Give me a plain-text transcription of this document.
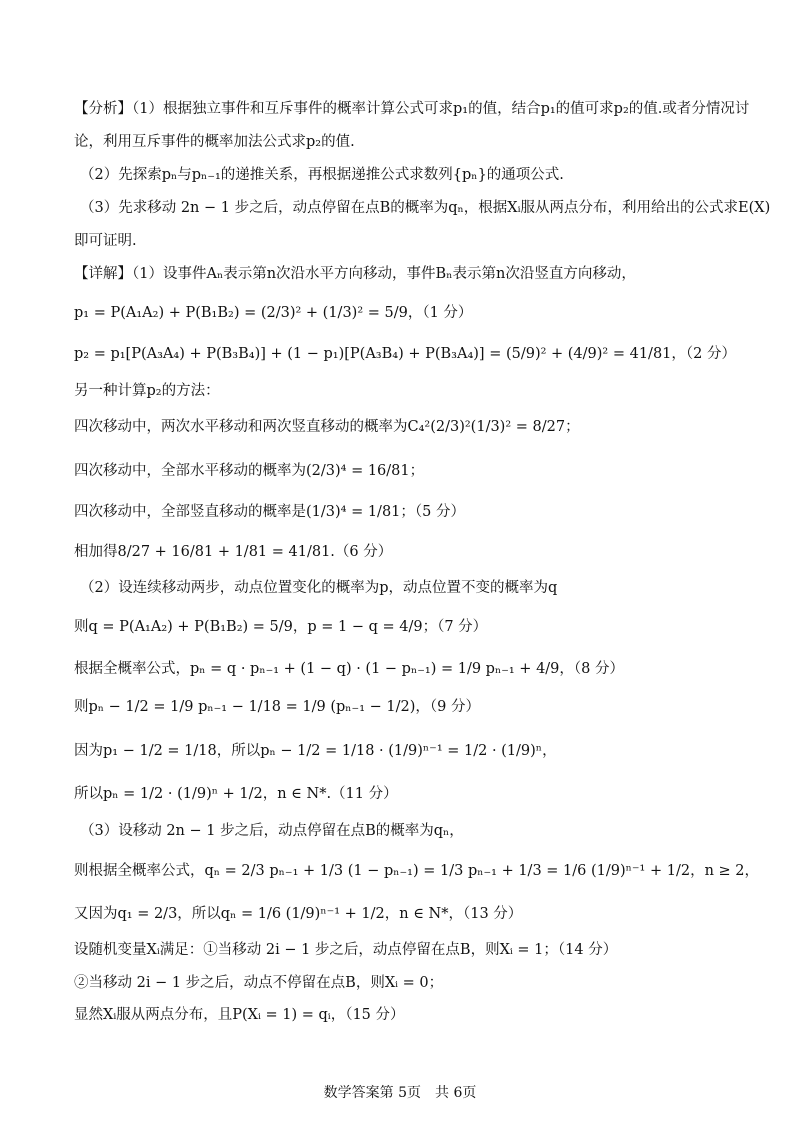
【分析】（1）根据独立事件和互斥事件的概率计算公式可求p₁的值，结合p₁的值可求p₂的值.或者分情况讨
论，利用互斥事件的概率加法公式求p₂的值.
（2）先探索pₙ与pₙ₋₁的递推关系，再根据递推公式求数列{pₙ}的通项公式.
（3）先求移动 2n − 1 步之后，动点停留在点B的概率为qₙ，根据Xᵢ服从两点分布，利用给出的公式求E(X)
即可证明.
【详解】（1）设事件Aₙ表示第n次沿水平方向移动，事件Bₙ表示第n次沿竖直方向移动，
p₁ = P(A₁A₂) + P(B₁B₂) = (2/3)² + (1/3)² = 5/9，（1 分）
p₂ = p₁[P(A₃A₄) + P(B₃B₄)] + (1 − p₁)[P(A₃B₄) + P(B₃A₄)] = (5/9)² + (4/9)² = 41/81，（2 分）
另一种计算p₂的方法：
四次移动中，两次水平移动和两次竖直移动的概率为C₄²(2/3)²(1/3)² = 8/27；
四次移动中，全部水平移动的概率为(2/3)⁴ = 16/81；
四次移动中，全部竖直移动的概率是(1/3)⁴ = 1/81；（5 分）
相加得8/27 + 16/81 + 1/81 = 41/81.（6 分）
（2）设连续移动两步，动点位置变化的概率为p，动点位置不变的概率为q
则q = P(A₁A₂) + P(B₁B₂) = 5/9，p = 1 − q = 4/9；（7 分）
根据全概率公式，pₙ = q · pₙ₋₁ + (1 − q) · (1 − pₙ₋₁) = 1/9 pₙ₋₁ + 4/9，（8 分）
则pₙ − 1/2 = 1/9 pₙ₋₁ − 1/18 = 1/9 (pₙ₋₁ − 1/2)，（9 分）
因为p₁ − 1/2 = 1/18，所以pₙ − 1/2 = 1/18 · (1/9)ⁿ⁻¹ = 1/2 · (1/9)ⁿ，
所以pₙ = 1/2 · (1/9)ⁿ + 1/2，n ∈ N*.（11 分）
（3）设移动 2n − 1 步之后，动点停留在点B的概率为qₙ，
则根据全概率公式，qₙ = 2/3 pₙ₋₁ + 1/3 (1 − pₙ₋₁) = 1/3 pₙ₋₁ + 1/3 = 1/6 (1/9)ⁿ⁻¹ + 1/2，n ≥ 2，
又因为q₁ = 2/3，所以qₙ = 1/6 (1/9)ⁿ⁻¹ + 1/2，n ∈ N*，（13 分）
设随机变量Xᵢ满足：①当移动 2i − 1 步之后，动点停留在点B，则Xᵢ = 1；（14 分）
②当移动 2i − 1 步之后，动点不停留在点B，则Xᵢ = 0；
显然Xᵢ服从两点分布，且P(Xᵢ = 1) = qᵢ，（15 分）
数学答案第 5页　共 6页
